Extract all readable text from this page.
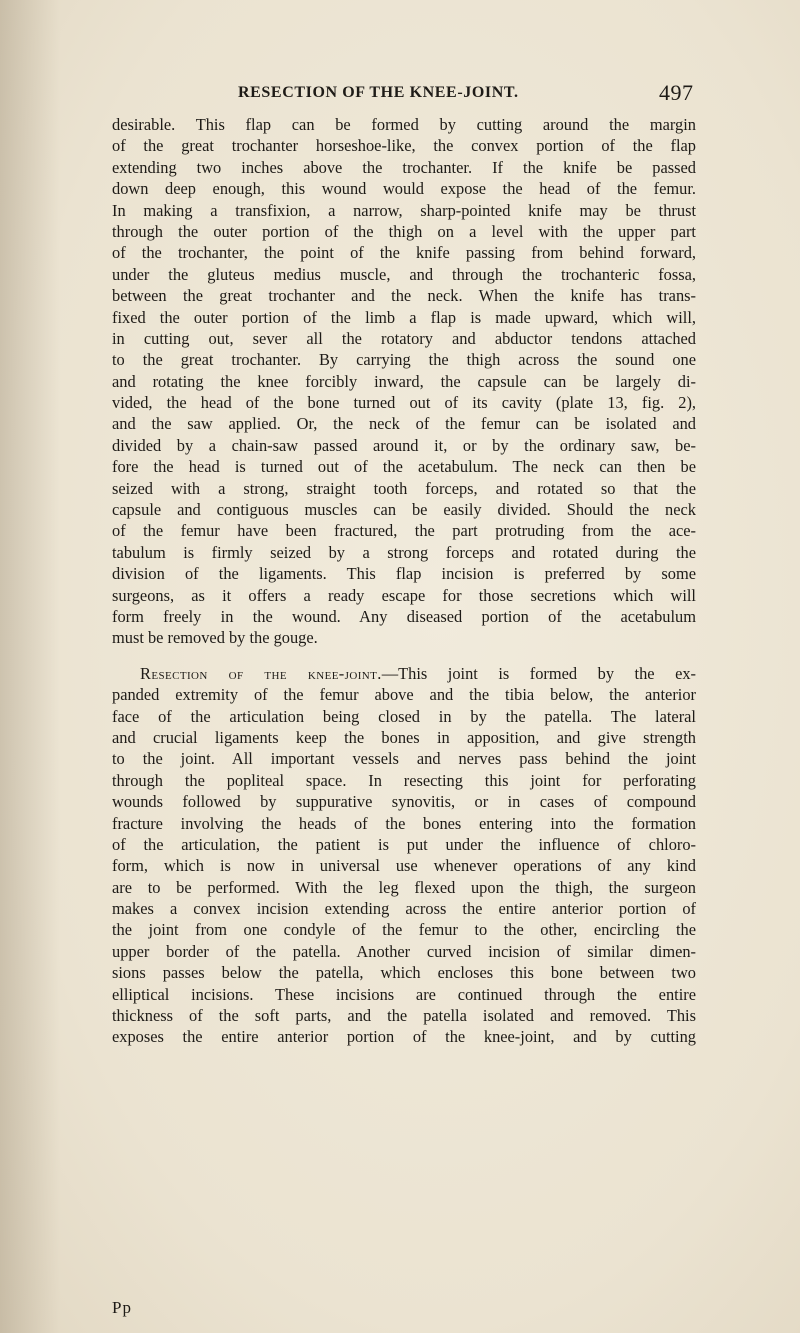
RESECTION OF THE KNEE-JOINT.	497
desirable. This flap can be formed by cutting around the margin
of the great trochanter horseshoe-like, the convex portion of the flap
extending two inches above the trochanter. If the knife be passed
down deep enough, this wound would expose the head of the femur.
In making a transfixion, a narrow, sharp-pointed knife may be thrust
through the outer portion of the thigh on a level with the upper part
of the trochanter, the point of the knife passing from behind forward,
under the gluteus medius muscle, and through the trochanteric fossa,
between the great trochanter and the neck. When the knife has trans-
fixed the outer portion of the limb a flap is made upward, which will,
in cutting out, sever all the rotatory and abductor tendons attached
to the great trochanter. By carrying the thigh across the sound one
and rotating the knee forcibly inward, the capsule can be largely di-
vided, the head of the bone turned out of its cavity (plate 13, fig. 2),
and the saw applied. Or, the neck of the femur can be isolated and
divided by a chain-saw passed around it, or by the ordinary saw, be-
fore the head is turned out of the acetabulum. The neck can then be
seized with a strong, straight tooth forceps, and rotated so that the
capsule and contiguous muscles can be easily divided. Should the neck
of the femur have been fractured, the part protruding from the ace-
tabulum is firmly seized by a strong forceps and rotated during the
division of the ligaments. This flap incision is preferred by some
surgeons, as it offers a ready escape for those secretions which will
form freely in the wound. Any diseased portion of the acetabulum
must be removed by the gouge.
Resection of the knee-joint.—This joint is formed by the ex-
panded extremity of the femur above and the tibia below, the anterior
face of the articulation being closed in by the patella. The lateral
and crucial ligaments keep the bones in apposition, and give strength
to the joint. All important vessels and nerves pass behind the joint
through the popliteal space. In resecting this joint for perforating
wounds followed by suppurative synovitis, or in cases of compound
fracture involving the heads of the bones entering into the formation
of the articulation, the patient is put under the influence of chloro-
form, which is now in universal use whenever operations of any kind
are to be performed. With the leg flexed upon the thigh, the surgeon
makes a convex incision extending across the entire anterior portion of
the joint from one condyle of the femur to the other, encircling the
upper border of the patella. Another curved incision of similar dimen-
sions passes below the patella, which encloses this bone between two
elliptical incisions. These incisions are continued through the entire
thickness of the soft parts, and the patella isolated and removed. This
exposes the entire anterior portion of the knee-joint, and by cutting
Pp
